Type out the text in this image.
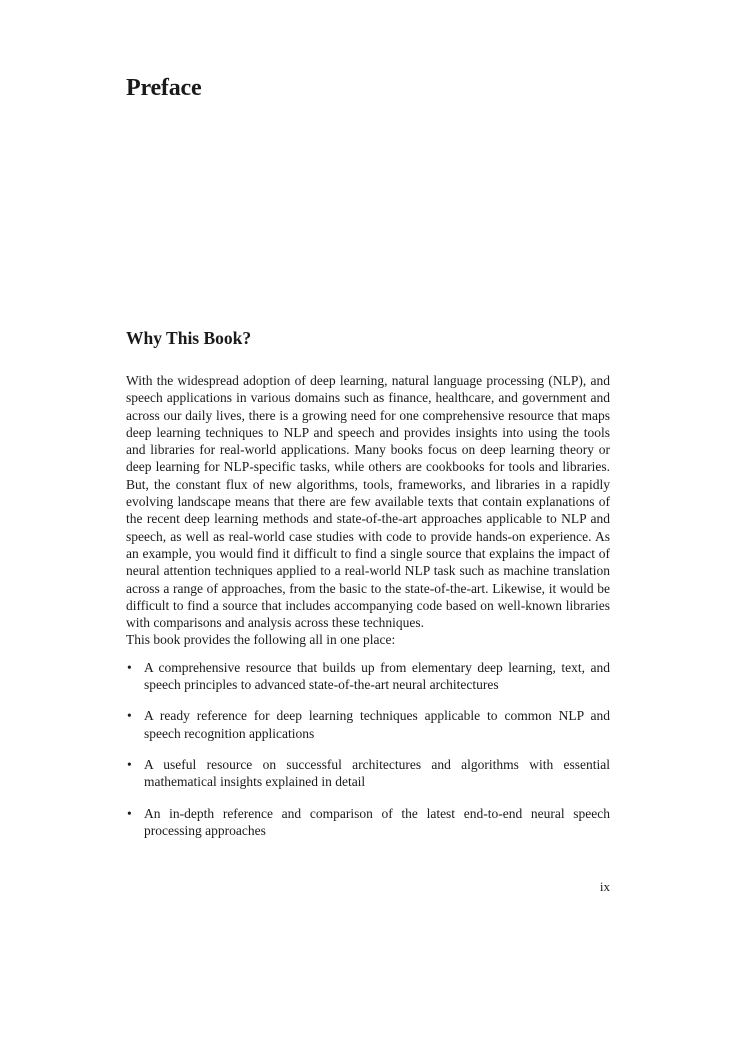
Preface
Why This Book?

With the widespread adoption of deep learning, natural language processing (NLP), and speech applications in various domains such as finance, healthcare, and government and across our daily lives, there is a growing need for one comprehensive resource that maps deep learning techniques to NLP and speech and provides insights into using the tools and libraries for real-world applications. Many books focus on deep learning theory or deep learning for NLP-specific tasks, while others are cookbooks for tools and libraries. But, the constant flux of new algorithms, tools, frameworks, and libraries in a rapidly evolving landscape means that there are few available texts that contain explanations of the recent deep learning methods and state-of-the-art approaches applicable to NLP and speech, as well as real-world case studies with code to provide hands-on experience. As an example, you would find it difficult to find a single source that explains the impact of neural attention techniques applied to a real-world NLP task such as machine translation across a range of approaches, from the basic to the state-of-the-art. Likewise, it would be difficult to find a source that includes accompanying code based on well-known libraries with comparisons and analysis across these techniques.

This book provides the following all in one place:

• A comprehensive resource that builds up from elementary deep learning, text, and speech principles to advanced state-of-the-art neural architectures
• A ready reference for deep learning techniques applicable to common NLP and speech recognition applications
• A useful resource on successful architectures and algorithms with essential mathematical insights explained in detail
• An in-depth reference and comparison of the latest end-to-end neural speech processing approaches
ix
